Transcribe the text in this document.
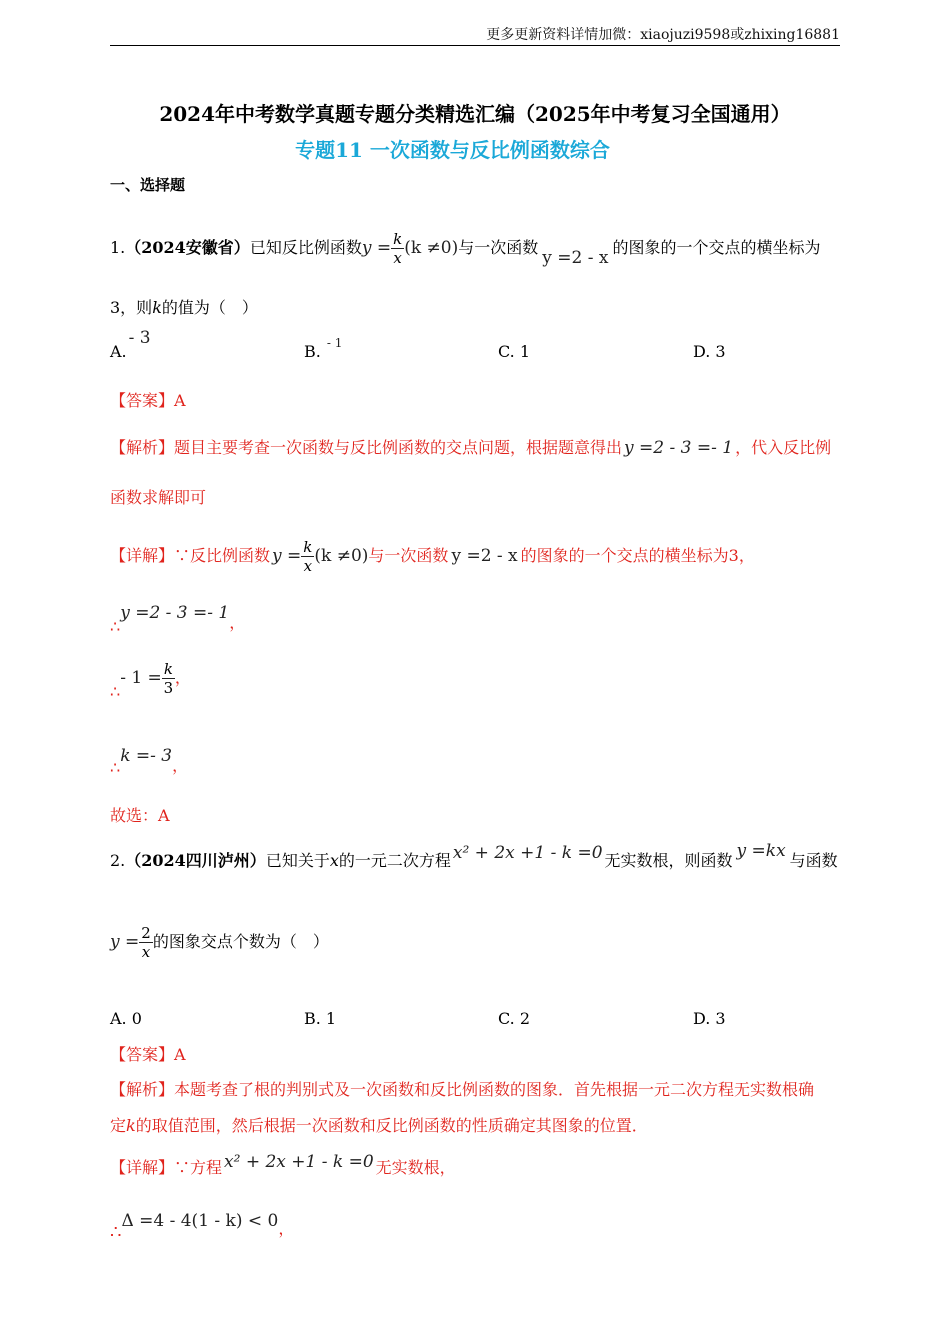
更多更新资料详情加微：xiaojuzi9598或zhixing16881
2024年中考数学真题专题分类精选汇编（2025年中考复习全国通用）
专题11 一次函数与反比例函数综合
一、选择题
1.（2024安徽省）已知反比例函数$y = \frac{k}{x} (k \ne 0)$与一次函数y =2 - x的图象的一个交点的横坐标为
3，则k的值为（　）
A.- 3
B. $^{- 1}$	C. 1	D. 3
【答案】A
【解析】题目主要考查一次函数与反比例函数的交点问题，根据题意得出 y =2 - 3 =- 1 ，代入反比例
函数求解即可
【详解】∵反比例函数 $y = \frac{k}{x} (k \ne 0)$与一次函数 y =2 - x 的图象的一个交点的横坐标为3，
∴y =2 - 3 =- 1，
∴- $1 = \frac{k}{3}$ ，
∴k =- 3，
故选：A
2.（2024四川泸州）已知关于x的一元二次方程 x² + 2x +1 - k =0 无实数根，则函数 y =kx 与函数
$y = \frac{2}{x}$ 的图象交点个数为（　）
A. 0	B. 1	C. 2	D. 3
【答案】A
【解析】本题考查了根的判别式及一次函数和反比例函数的图象．首先根据一元二次方程无实数根确
定k的取值范围，然后根据一次函数和反比例函数的性质确定其图象的位置．
【详解】∵方程 x² + 2x +1 - k =0 无实数根，
∴Δ =4 - 4(1 - k) < 0，
